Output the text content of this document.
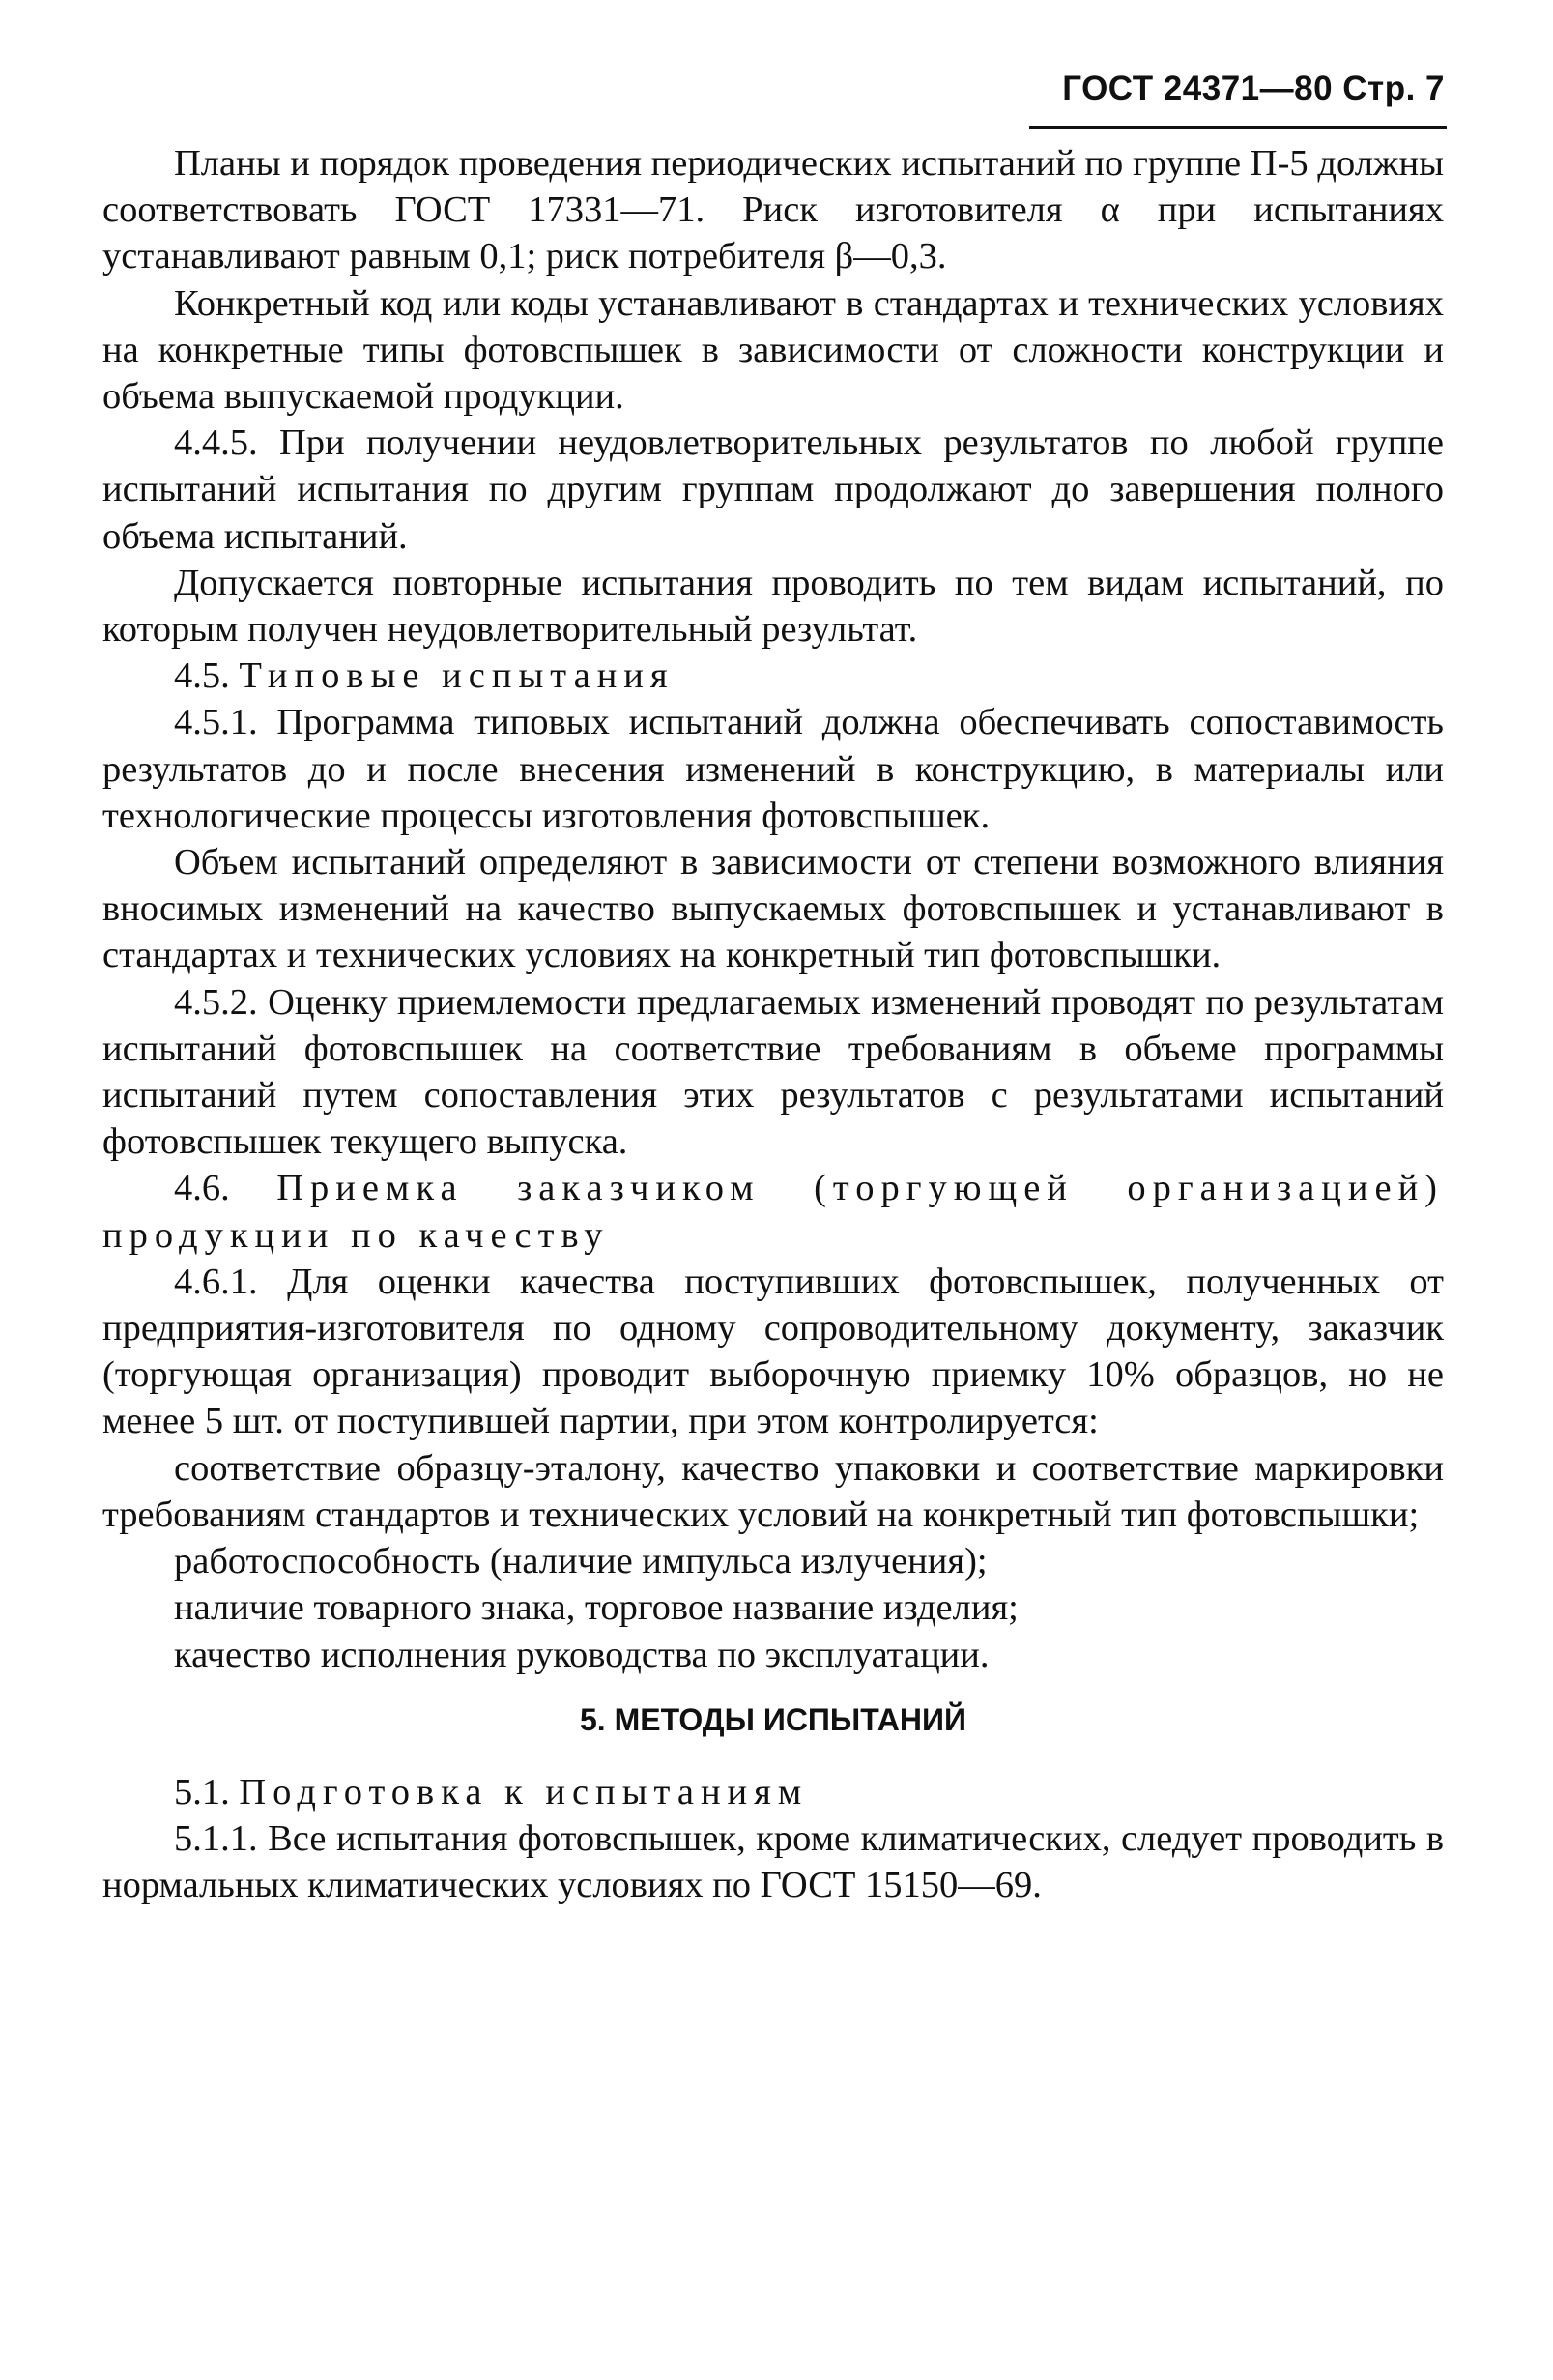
ГОСТ 24371—80 Стр. 7

Планы и порядок проведения периодических испытаний по группе П-5 должны соответствовать ГОСТ 17331—71. Риск изготовителя α при испытаниях устанавливают равным 0,1; риск потребителя β—0,3.

Конкретный код или коды устанавливают в стандартах и технических условиях на конкретные типы фотовспышек в зависимости от сложности конструкции и объема выпускаемой продукции.

4.4.5. При получении неудовлетворительных результатов по любой группе испытаний испытания по другим группам продолжают до завершения полного объема испытаний.

Допускается повторные испытания проводить по тем видам испытаний, по которым получен неудовлетворительный результат.

4.5. Типовые испытания

4.5.1. Программа типовых испытаний должна обеспечивать сопоставимость результатов до и после внесения изменений в конструкцию, в материалы или технологические процессы изготовления фотовспышек.

Объем испытаний определяют в зависимости от степени возможного влияния вносимых изменений на качество выпускаемых фотовспышек и устанавливают в стандартах и технических условиях на конкретный тип фотовспышки.

4.5.2. Оценку приемлемости предлагаемых изменений проводят по результатам испытаний фотовспышек на соответствие требованиям в объеме программы испытаний путем сопоставления этих результатов с результатами испытаний фотовспышек текущего выпуска.

4.6. Приемка заказчиком (торгующей организацией) продукции по качеству

4.6.1. Для оценки качества поступивших фотовспышек, полученных от предприятия-изготовителя по одному сопроводительному документу, заказчик (торгующая организация) проводит выборочную приемку 10% образцов, но не менее 5 шт. от поступившей партии, при этом контролируется:

соответствие образцу-эталону, качество упаковки и соответствие маркировки требованиям стандартов и технических условий на конкретный тип фотовспышки;

работоспособность (наличие импульса излучения);

наличие товарного знака, торговое название изделия;

качество исполнения руководства по эксплуатации.

5. МЕТОДЫ ИСПЫТАНИЙ

5.1. Подготовка к испытаниям

5.1.1. Все испытания фотовспышек, кроме климатических, следует проводить в нормальных климатических условиях по ГОСТ 15150—69.
